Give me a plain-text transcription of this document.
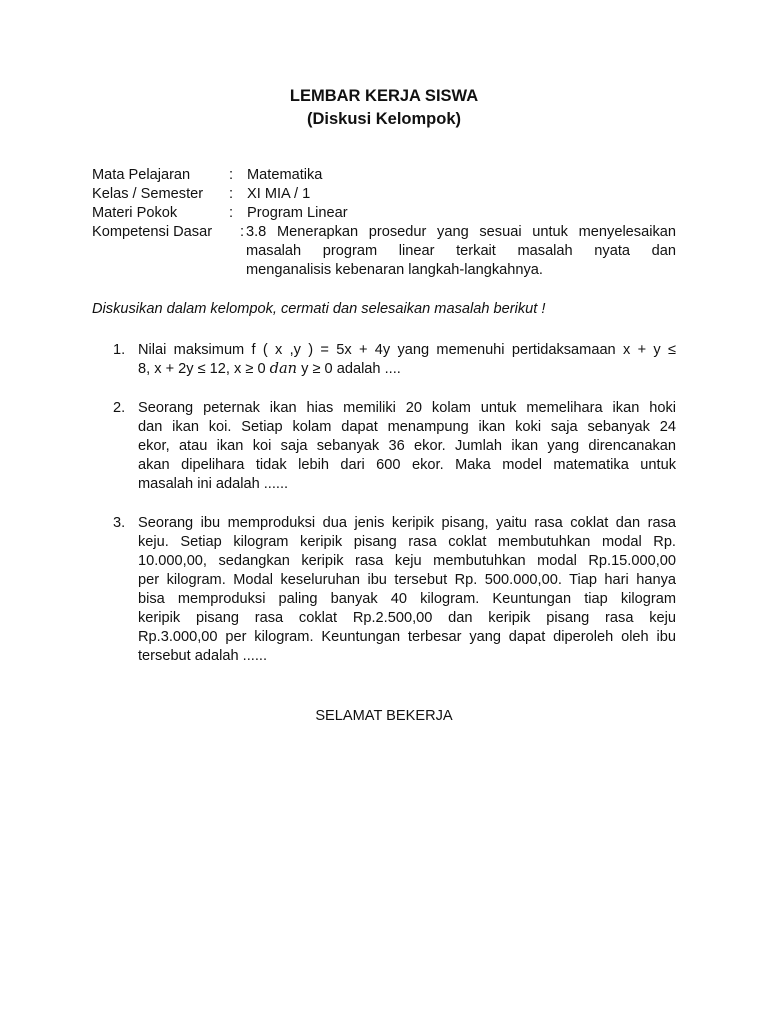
LEMBAR KERJA SISWA
(Diskusi Kelompok)
Mata Pelajaran	: Matematika
Kelas / Semester : XI MIA / 1
Materi Pokok	: Program Linear
Kompetensi Dasar : 3.8 Menerapkan prosedur yang sesuai untuk menyelesaikan
masalah program linear terkait masalah nyata dan
menganalisis kebenaran langkah-langkahnya.
Diskusikan dalam kelompok, cermati dan selesaikan masalah berikut !
1. Nilai maksimum f ( x ,y ) = 5x + 4y yang memenuhi pertidaksamaan x + y ≤
8, x + 2y ≤ 12, x ≥ 0 dan y ≥ 0 adalah ....
2. Seorang peternak ikan hias memiliki 20 kolam untuk memelihara ikan hoki
dan ikan koi. Setiap kolam dapat menampung ikan koki saja sebanyak 24
ekor, atau ikan koi saja sebanyak 36 ekor. Jumlah ikan yang direncanakan
akan dipelihara tidak lebih dari 600 ekor. Maka model matematika untuk
masalah ini adalah ......
3. Seorang ibu memproduksi dua jenis keripik pisang, yaitu rasa coklat dan rasa
keju. Setiap kilogram keripik pisang rasa coklat membutuhkan modal Rp.
10.000,00, sedangkan keripik rasa keju membutuhkan modal Rp.15.000,00
per kilogram. Modal keseluruhan ibu tersebut Rp. 500.000,00. Tiap hari hanya
bisa memproduksi paling banyak 40 kilogram. Keuntungan tiap kilogram
keripik pisang rasa coklat Rp.2.500,00 dan keripik pisang rasa keju
Rp.3.000,00 per kilogram. Keuntungan terbesar yang dapat diperoleh oleh ibu
tersebut adalah ......
SELAMAT BEKERJA
